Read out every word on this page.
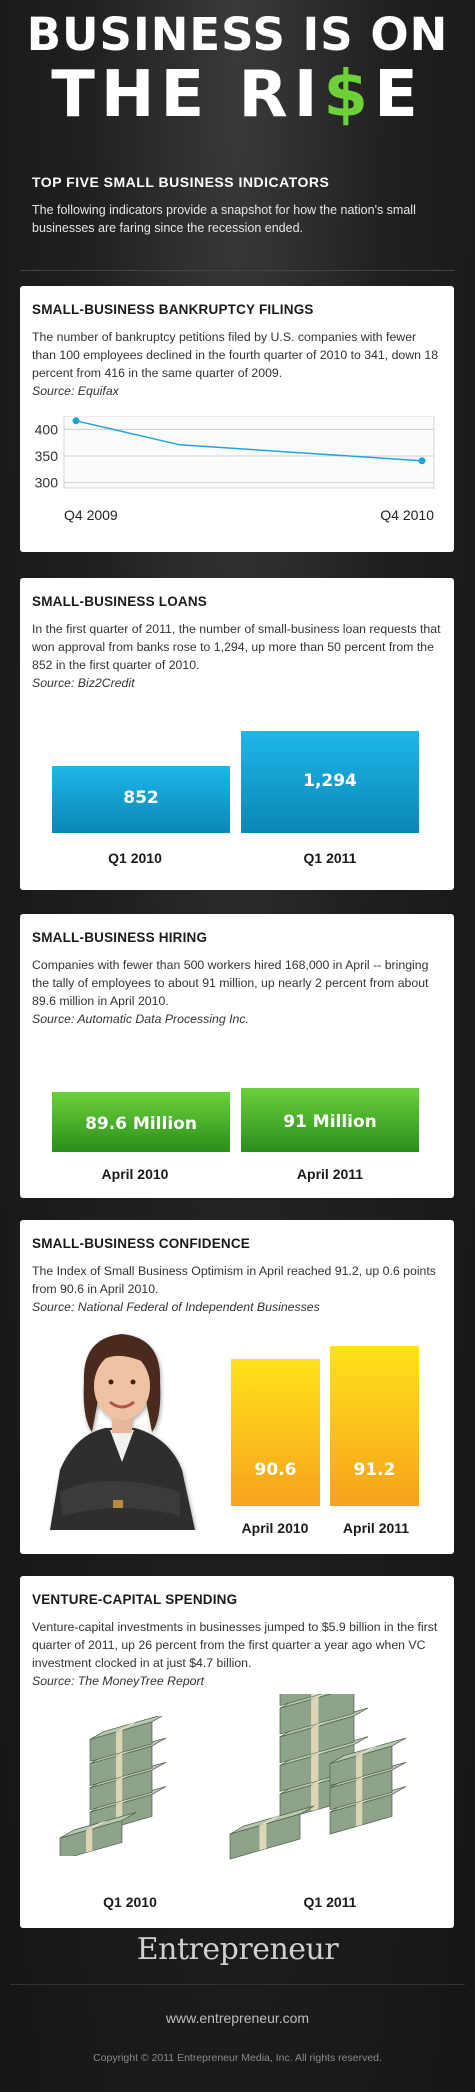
BUSINESS IS ON
THE RI$E
TOP FIVE SMALL BUSINESS INDICATORS
The following indicators provide a snapshot for how the nation's small businesses are faring since the recession ended.
SMALL-BUSINESS BANKRUPTCY FILINGS
The number of bankruptcy petitions filed by U.S. companies with fewer than 100 employees declined in the fourth quarter of 2010 to 341, down 18 percent from 416 in the same quarter of 2009.
Source: Equifax
400
350
300
Q4 2009	Q4 2010
SMALL-BUSINESS LOANS
In the first quarter of 2011, the number of small-business loan requests that won approval from banks rose to 1,294, up more than 50 percent from the 852 in the first quarter of 2010.
Source: Biz2Credit
852
1,294
Q1 2010	Q1 2011
SMALL-BUSINESS HIRING
Companies with fewer than 500 workers hired 168,000 in April -- bringing the tally of employees to about 91 million, up nearly 2 percent from about 89.6 million in April 2010.
Source: Automatic Data Processing Inc.
89.6 Million	91 Million
April 2010	April 2011
SMALL-BUSINESS CONFIDENCE
The Index of Small Business Optimism in April reached 91.2, up 0.6 points from 90.6 in April 2010.
Source: National Federal of Independent Businesses
90.6	91.2
April 2010	April 2011
VENTURE-CAPITAL SPENDING
Venture-capital investments in businesses jumped to $5.9 billion in the first quarter of 2011, up 26 percent from the first quarter a year ago when VC investment clocked in at just $4.7 billion.
Source: The MoneyTree Report
Q1 2010	Q1 2011
Entrepreneur
www.entrepreneur.com
Copyright © 2011 Entrepreneur Media, Inc. All rights reserved.
